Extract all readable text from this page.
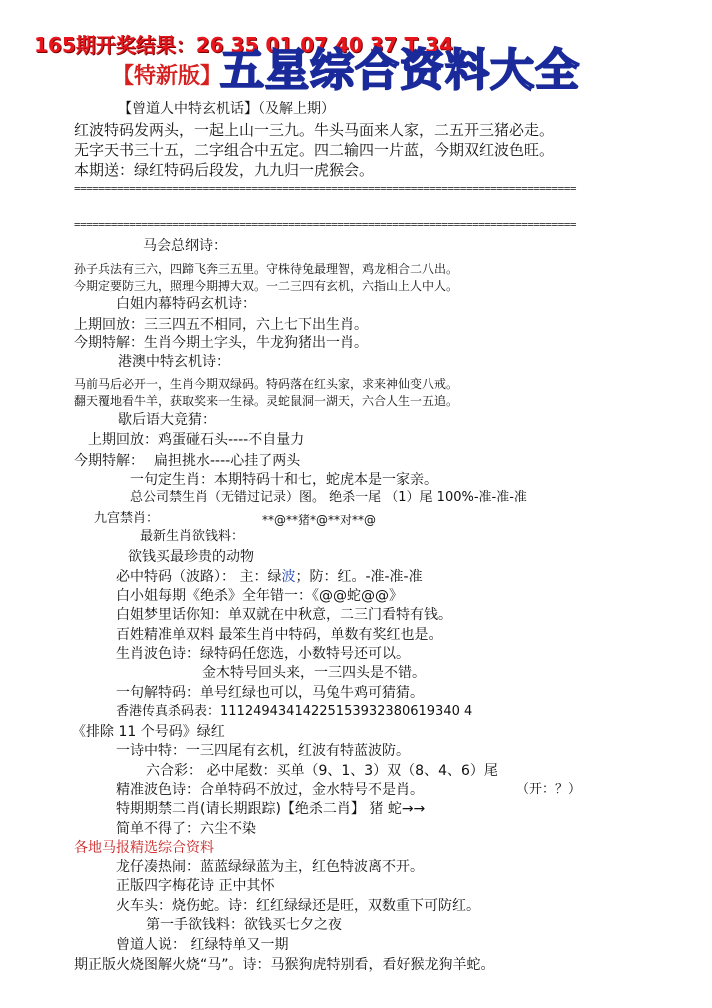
165期开奖结果：26 35 01 07 40 37 T 34
【特新版】
五星综合资料大全
【曾道人中特玄机话】（及解上期）
红波特码发两头，一起上山一三九。牛头马面来人家，二五开三猪必走。
无字天书三十五，二字组合中五定。四二输四一片蓝，今期双红波色旺。
本期送：绿红特码后段发，九九归一虎猴会。
==================================================================================
==================================================================================
马会总纲诗：
孙子兵法有三六，四蹄飞奔三五里。守株待兔最理智，鸡龙相合二八出。
今期定要防三九，照理今期搏大双。一二三四有玄机，六指山上人中人。
白姐内幕特码玄机诗：
上期回放：三三四五不相同，六上七下出生肖。
今期特解：生肖今期土字头，牛龙狗猪出一肖。
港澳中特玄机诗：
马前马后必开一，生肖今期双绿码。特码落在红头家，求来神仙变八戒。
翻天覆地看牛羊，获取奖来一生禄。灵蛇鼠洞一湖天，六合人生一五追。
歇后语大竞猜：
上期回放：鸡蛋碰石头----不自量力
今期特解： 扁担挑水----心挂了两头
一句定生肖：本期特码十和七，蛇虎本是一家亲。
总公司禁生肖（无错过记录）图。 绝杀一尾 （1）尾 100%-准-准-准
九宫禁肖：	**@**猪*@**对**@
最新生肖欲钱料：
欲钱买最珍贵的动物
必中特码（波路）： 主：绿波；防：红。-准-准-准
白小姐每期《绝杀》全年错一：《@@蛇@@》
白姐梦里话你知：单双就在中秋意，二三门看特有钱。
百姓精准单双料 最笨生肖中特码，单数有奖红也是。
生肖波色诗：绿特码任您选，小数特号还可以。
金木特号回头来，一三四头是不错。
一句解特码：单号红绿也可以，马兔牛鸡可猜猜。
香港传真杀码表：11124943414225153932380619340 4
《排除 11 个号码》绿红
一诗中特：一三四尾有玄机，红波有特蓝波防。
六合彩： 必中尾数：买单（9、1、3）双（8、4、6）尾
精准波色诗：合单特码不放过，金水特号不是肖。	（开：？）
特期期禁二肖(请长期跟踪)【绝杀二肖】 猪 蛇→→
简单不得了：六尘不染
各地马报精选综合资料
龙仔凑热闹：蓝蓝绿绿蓝为主，红色特波离不开。
正版四字梅花诗 正中其怀
火车头：烧伤蛇。诗：红红绿绿还是旺，双数重下可防红。
第一手欲钱料：欲钱买七夕之夜
曾道人说： 红绿特单又一期
期正版火烧图解火烧“马”。诗：马猴狗虎特别看，看好猴龙狗羊蛇。
